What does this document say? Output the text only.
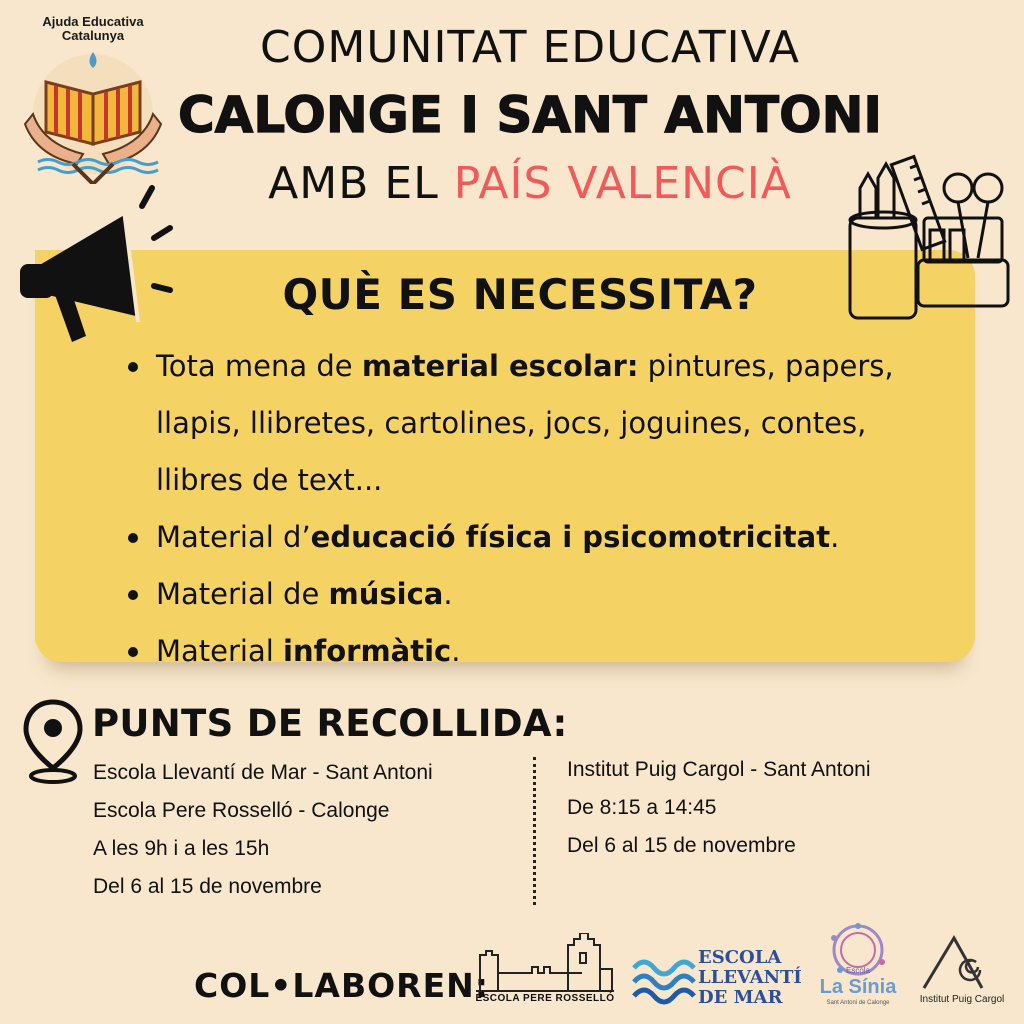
Ajuda Educativa
Catalunya	COMUNITAT EDUCATIVA
CALONGE I SANT ANTONI
AMB EL PAÍS VALENCIÀ
QUÈ ES NECESSITA?
Tota mena de material escolar: pintures, papers, llapis, llibretes, cartolines, jocs, joguines, contes, llibres de text...
Material d’educació física i psicomotricitat.
Material de música.
Material informàtic.
PUNTS DE RECOLLIDA:
Escola Llevantí de Mar - Sant Antoni
Escola Pere Rosselló - Calonge
A les 9h i a les 15h
Del 6 al 15 de novembre
Institut Puig Cargol - Sant Antoni
De 8:15 a 14:45
Del 6 al 15 de novembre
COL•LABOREN:
ESCOLA PERE ROSSELLÓ
ESCOLA
LLEVANTÍ
DE MAR
Escola
La Sínia
Sant Antoni de Calonge	Institut Puig Cargol
